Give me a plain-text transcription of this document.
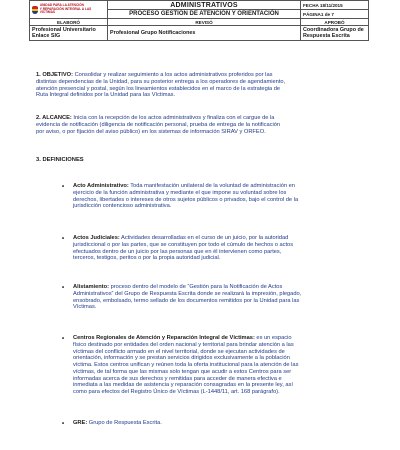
UNIDAD PARA LA ATENCIÓN
Y REPARACIÓN INTEGRAL A LAS VÍCTIMAS	ADMINISTRATIVOS	FECHA 18/11/2015
	PROCESO GESTIÓN DE ATENCIÓN Y ORIENTACIÓN	PÁGINA1 de 7
ELABORÓ	REVISÓ	APROBÓ
Profesional Universitario Enlace SIG	Profesional Grupo Notificaciones	Coordinadora Grupo de Respuesta Escrita
1. OBJETIVO: Consolidar y realizar seguimiento a los actos administrativos proferidos por las
distintas dependencias de la Unidad, para su posterior entrega a los operadores de agendamiento,
atención presencial y postal, según los lineamientos establecidos en el marco de la estrategia de
Ruta Integral definidos por la Unidad para las Víctimas.
2. ALCANCE: Inicia con la recepción de los actos administrativos y finaliza con el cargue de la
evidencia de notificación (diligencia de notificación personal, prueba de entrega de la notificación
por aviso, o por fijación del aviso público) en los sistemas de información SIRAV y ORFEO.
3. DEFINICIONES
• Acto Administrativo: Toda manifestación unilateral de la voluntad de administración en
ejercicio de la función administrativa y mediante el que impone su voluntad sobre los
derechos, libertades o intereses de otros sujetos públicos o privados, bajo el control de la
jurisdicción contencioso administrativa.
• Actos Judiciales: Actividades desarrolladas en el curso de un juicio, por la autoridad
jurisdiccional o por las partes, que se constituyen por todo el cúmulo de hechos o actos
efectuados dentro de un juicio por las personas que en él intervienen como partes,
terceros, testigos, peritos o por la propia autoridad judicial.
• Alistamiento: proceso dentro del modelo de “Gestión para la Notificación de Actos
Administrativos” del Grupo de Respuesta Escrita donde se realizará la impresión, plegado,
ensobrado, embolsado, termo sellado de los documentos remitidos por la Unidad para las
Víctimas.
• Centros Regionales de Atención y Reparación Integral de Víctimas: es un espacio
físico destinado por entidades del orden nacional y territorial para brindar atención a las
víctimas del conflicto armado en el nivel territorial, donde se ejecutan actividades de
orientación, información y se prestan servicios dirigidos exclusivamente a la población
víctima. Estos centros unifican y reúnen toda la oferta institucional para la atención de las
víctimas, de tal forma que las mismas solo tengan que acudir a estos Centros para ser
informadas acerca de sus derechos y remitidas para acceder de manera efectiva e
inmediata a las medidas de asistencia y reparación consagradas en la presente ley, así
como para efectos del Registro Único de Víctimas (L-1448/11, art. 168 parágrafo).
• GRE: Grupo de Respuesta Escrita.
